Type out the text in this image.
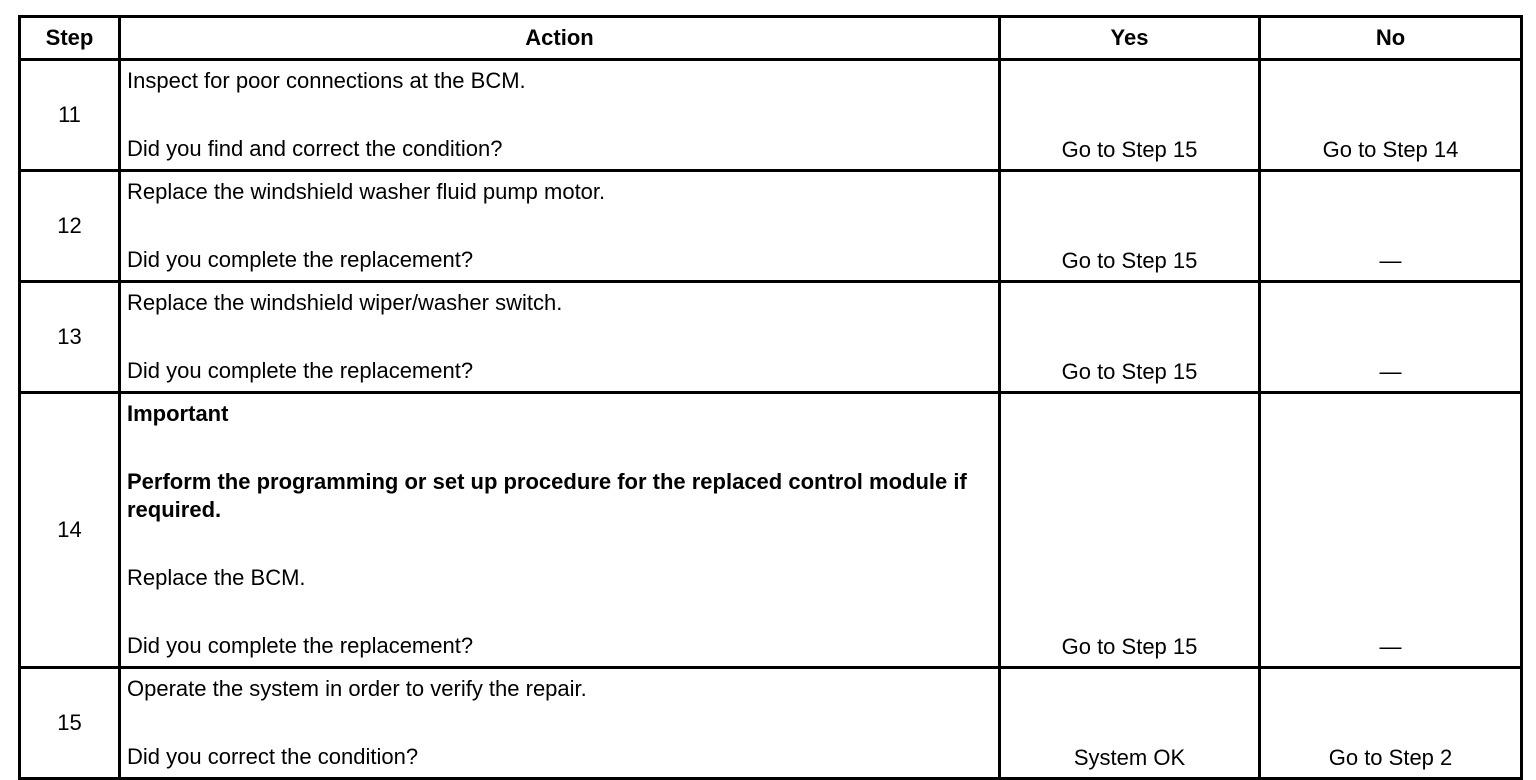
Step	Action	Yes	No
11	Inspect for poor connections at the BCM.
Did you find and correct the condition?	Go to Step 15	Go to Step 14
12	Replace the windshield washer fluid pump motor.
Did you complete the replacement?	Go to Step 15	—
13	Replace the windshield wiper/washer switch.
Did you complete the replacement?	Go to Step 15	—
14	Important
Perform the programming or set up procedure for the replaced control module if required.
Replace the BCM.
Did you complete the replacement?	Go to Step 15	—
15	Operate the system in order to verify the repair.
Did you correct the condition?	System OK	Go to Step 2
